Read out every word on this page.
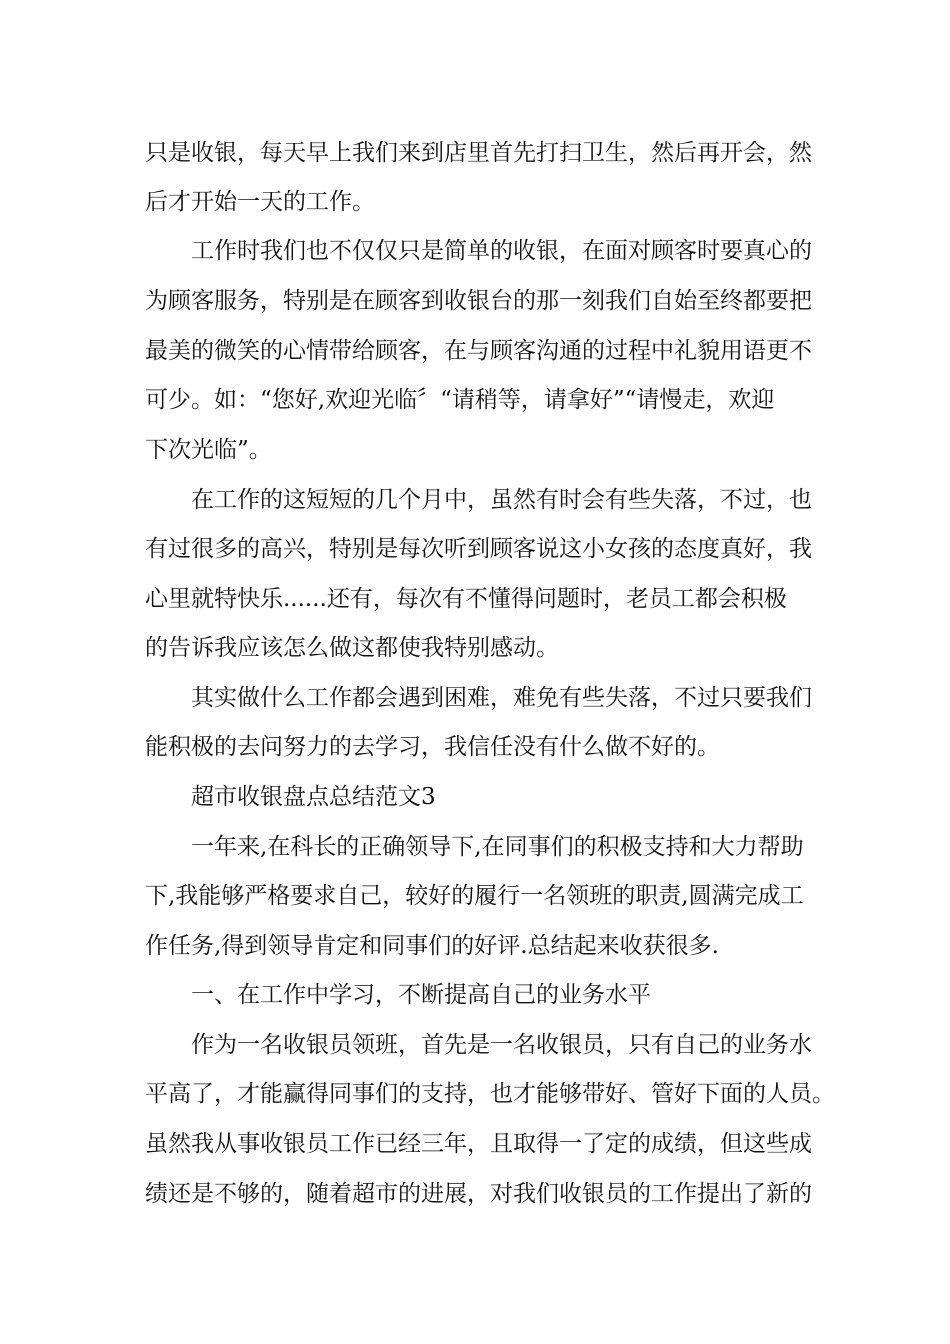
只是收银，每天早上我们来到店里首先打扫卫生，然后再开会，然
后才开始一天的工作。
工作时我们也不仅仅只是简单的收银，在面对顾客时要真心的
为顾客服务，特别是在顾客到收银台的那一刻我们自始至终都要把
最美的微笑的心情带给顾客，在与顾客沟通的过程中礼貌用语更不
可少。如：“您好,欢迎光临〞“请稍等，请拿好”“请慢走，欢迎
下次光临”。
在工作的这短短的几个月中，虽然有时会有些失落，不过，也
有过很多的高兴，特别是每次听到顾客说这小女孩的态度真好，我
心里就特快乐......还有，每次有不懂得问题时，老员工都会积极
的告诉我应该怎么做这都使我特别感动。
其实做什么工作都会遇到困难，难免有些失落，不过只要我们
能积极的去问努力的去学习，我信任没有什么做不好的。
超市收银盘点总结范文3
一年来,在科长的正确领导下,在同事们的积极支持和大力帮助
下,我能够严格要求自己，较好的履行一名领班的职责,圆满完成工
作任务,得到领导肯定和同事们的好评.总结起来收获很多.
一、在工作中学习，不断提高自己的业务水平
作为一名收银员领班，首先是一名收银员，只有自己的业务水
平高了，才能赢得同事们的支持，也才能够带好、管好下面的人员。
虽然我从事收银员工作已经三年，且取得一了定的成绩，但这些成
绩还是不够的，随着超市的进展，对我们收银员的工作提出了新的
